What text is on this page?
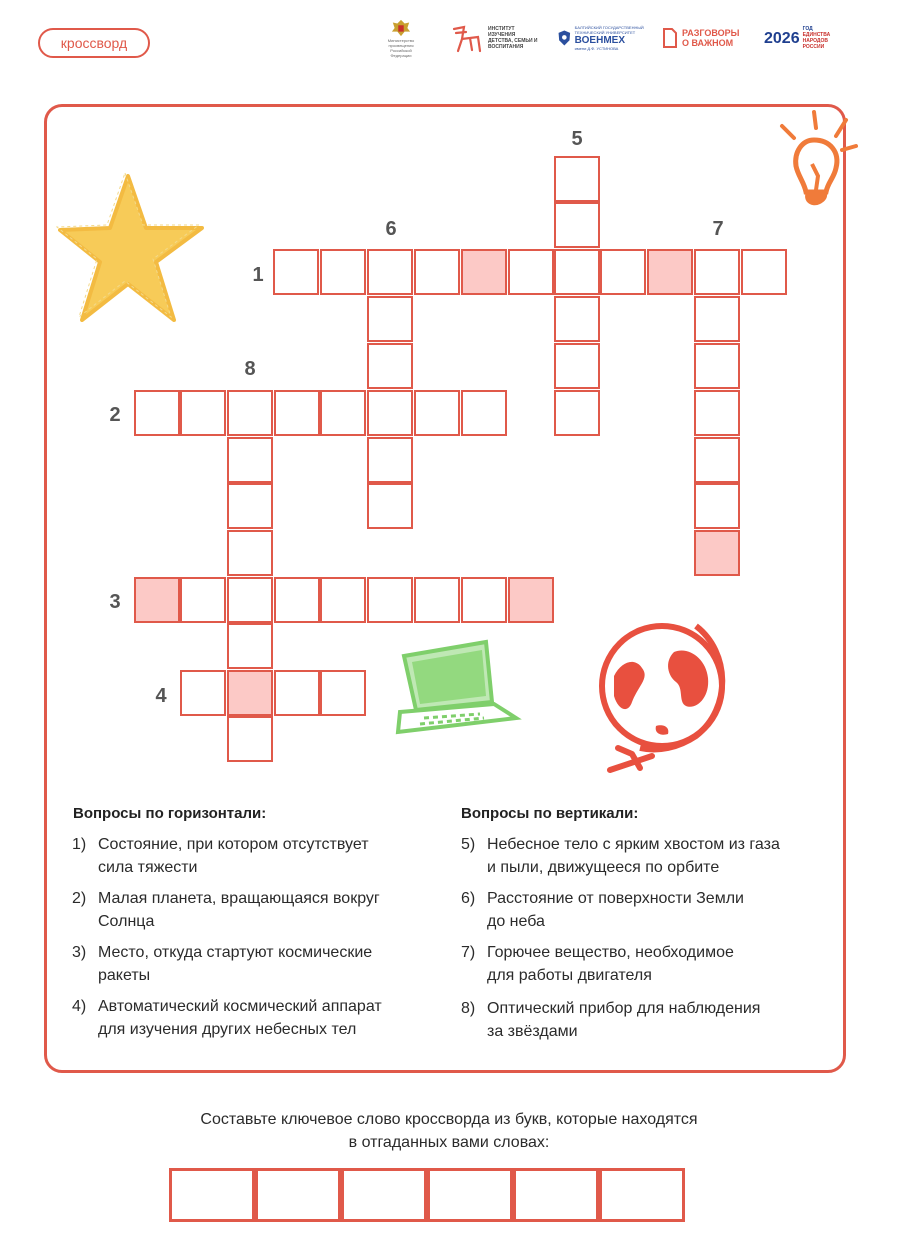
кроссворд	Министерство просвещения Российской Федерации
ИНСТИТУТ ИЗУЧЕНИЯ ДЕТСТВА, СЕМЬИ И ВОСПИТАНИЯ
БАЛТИЙСКИЙ ГОСУДАРСТВЕННЫЙ ТЕХНИЧЕСКИЙ УНИВЕРСИТЕТ
ВОЕНМЕХ
имени Д.Ф. УСТИНОВА
РАЗГОВОРЫ
О ВАЖНОМ	2026
ГОД
ЕДИНСТВА
НАРОДОВ
РОССИИ
1
2
3
4
5
6	7
8
Вопросы по горизонтали:	Вопросы по вертикали:
1) Состояние, при котором отсутствует
сила тяжести
2) Малая планета, вращающаяся вокруг
Солнца
3) Место, откуда стартуют космические
ракеты
4) Автоматический космический аппарат
для изучения других небесных тел
5) Небесное тело с ярким хвостом из газа
и пыли, движущееся по орбите
6) Расстояние от поверхности Земли
до неба
7) Горючее вещество, необходимое
для работы двигателя
8) Оптический прибор для наблюдения
за звёздами
Составьте ключевое слово кроссворда из букв, которые находятся
в отгаданных вами словах:
